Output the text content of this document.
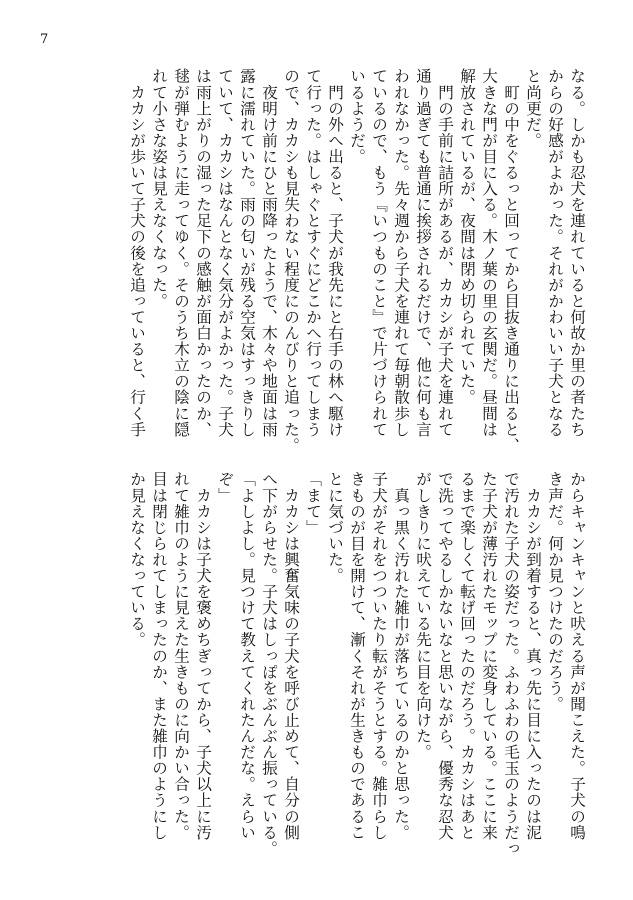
7
なる。しかも忍犬を連れていると何故か里の者たち
からの好感がよかった。それがかわいい子犬となる
と尚更だ。
　町の中をぐるっと回ってから目抜き通りに出ると、
大きな門が目に入る。木ノ葉の里の玄関だ。昼間は
解放されているが、夜間は閉め切られていた。
　門の手前に詰所があるが、カカシが子犬を連れて
通り過ぎても普通に挨拶されるだけで、他に何も言
われなかった。先々週から子犬を連れて毎朝散歩し
ているので、もう『いつものこと』で片づけられて
いるようだ。
　門の外へ出ると、子犬が我先にと右手の林へ駆け
て行った。はしゃぐとすぐにどこかへ行ってしまう
ので、カカシも見失わない程度にのんびりと追った。
　夜明け前にひと雨降ったようで、木々や地面は雨
露に濡れていた。雨の匂いが残る空気はすっきりし
ていて、カカシはなんとなく気分がよかった。子犬
は雨上がりの湿った足下の感触が面白かったのか、
毬が弾むように走ってゆく。そのうち木立の陰に隠
れて小さな姿は見えなくなった。
　カカシが歩いて子犬の後を追っていると、行く手
からキャンキャンと吠える声が聞こえた。子犬の鳴
き声だ。何か見つけたのだろう。
　カカシが到着すると、真っ先に目に入ったのは泥
で汚れた子犬の姿だった。ふわふわの毛玉のようだっ
た子犬が薄汚れたモップに変身している。ここに来
るまで楽しくて転げ回ったのだろう。カカシはあと
で洗ってやるしかないなと思いながら、優秀な忍犬
がしきりに吠えている先に目を向けた。
　真っ黒く汚れた雑巾が落ちているのかと思った。
子犬がそれをつついたり転がそうとする。雑巾らし
きものが目を開けて、漸くそれが生きものであるこ
とに気づいた。
「まて」
　カカシは興奮気味の子犬を呼び止めて、自分の側
へ下がらせた。子犬はしっぽをぶんぶん振っている。
「よしよし。見つけて教えてくれたんだな。えらい
ぞ」
　カカシは子犬を褒めちぎってから、子犬以上に汚
れて雑巾のように見えた生きものに向かい合った。
目は閉じられてしまったのか、また雑巾のようにし
か見えなくなっている。
